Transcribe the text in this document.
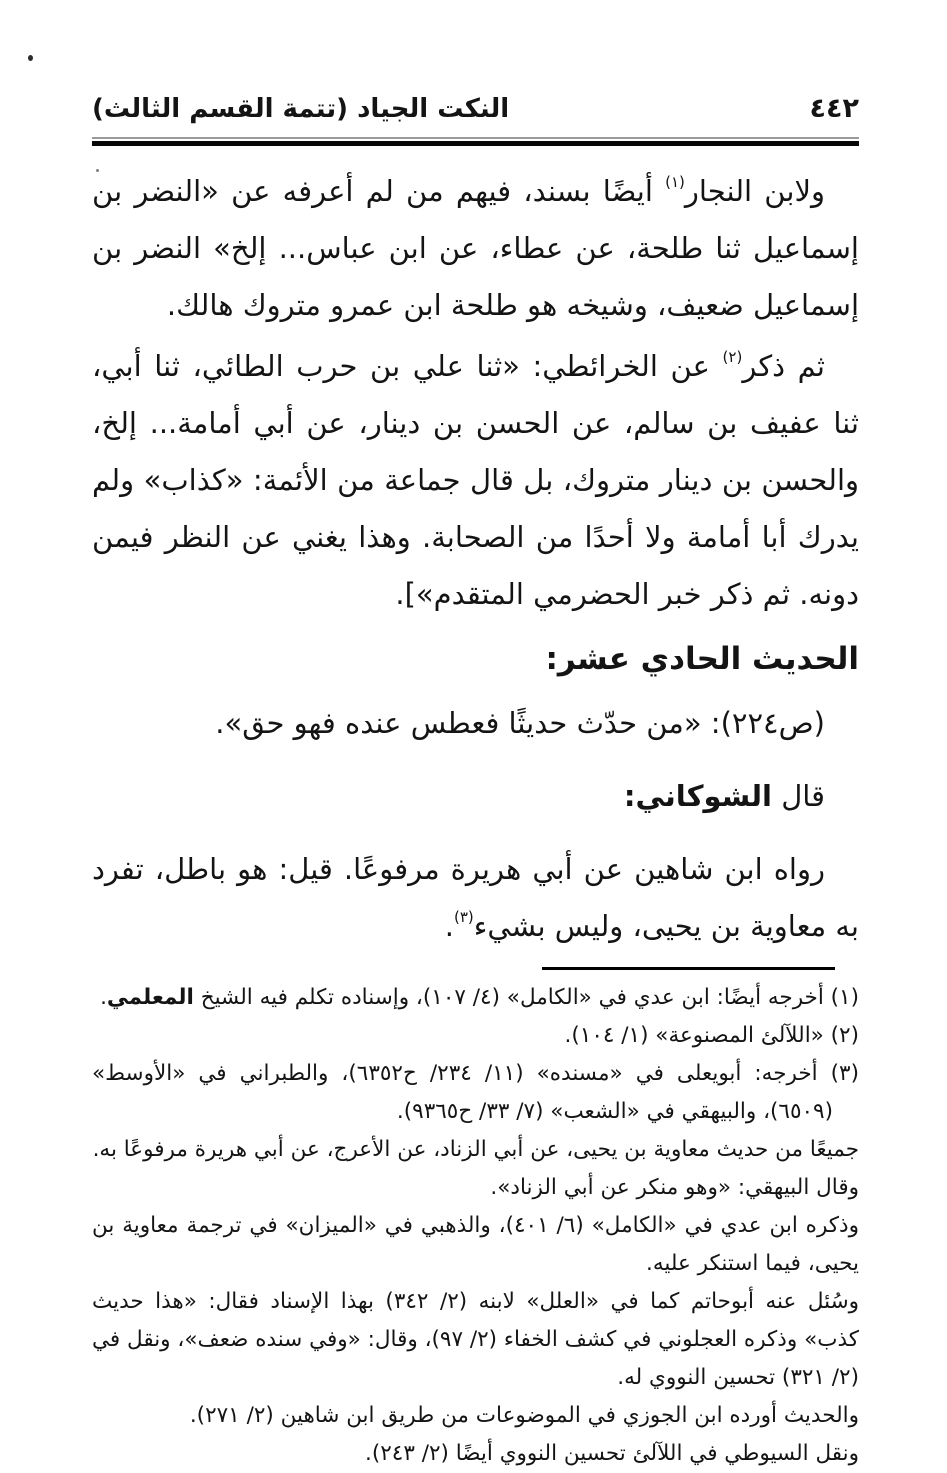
٤٤٢
النكت الجياد (تتمة القسم الثالث)

ولابن النجار$^{(١)}$ أيضًا بسند، فيهم من لم أعرفه عن «النضر بن إسماعيل ثنا طلحة، عن عطاء، عن ابن عباس... إلخ» النضر بن إسماعيل ضعيف، وشيخه هو طلحة ابن عمرو متروك هالك.

ثم ذكر$^{(٢)}$ عن الخرائطي: «ثنا علي بن حرب الطائي، ثنا أبي، ثنا عفيف بن سالم، عن الحسن بن دينار، عن أبي أمامة... إلخ، والحسن بن دينار متروك، بل قال جماعة من الأئمة: «كذاب» ولم يدرك أبا أمامة ولا أحدًا من الصحابة. وهذا يغني عن النظر فيمن دونه. ثم ذكر خبر الحضرمي المتقدم»].

الحديث الحادي عشر:

(ص٢٢٤): «من حدّث حديثًا فعطس عنده فهو حق».

قال الشوكاني:

رواه ابن شاهين عن أبي هريرة مرفوعًا. قيل: هو باطل، تفرد به معاوية بن يحيى، وليس بشيء$^{(٣)}$.

(١) أخرجه أيضًا: ابن عدي في «الكامل» (٤/ ١٠٧)، وإسناده تكلم فيه الشيخ المعلمي.

(٢) «اللآلئ المصنوعة» (١/ ١٠٤).

(٣) أخرجه: أبويعلى في «مسنده» (١١/ ٢٣٤/ ح٦٣٥٢)، والطبراني في «الأوسط» (٦٥٠٩)، والبيهقي في «الشعب» (٧/ ٣٣/ ح٩٣٦٥).

جميعًا من حديث معاوية بن يحيى، عن أبي الزناد، عن الأعرج، عن أبي هريرة مرفوعًا به.

وقال البيهقي: «وهو منكر عن أبي الزناد».

وذكره ابن عدي في «الكامل» (٦/ ٤٠١)، والذهبي في «الميزان» في ترجمة معاوية بن يحيى، فيما استنكر عليه.

وسُئل عنه أبوحاتم كما في «العلل» لابنه (٢/ ٣٤٢) بهذا الإسناد فقال: «هذا حديث كذب» وذكره العجلوني في كشف الخفاء (٢/ ٩٧)، وقال: «وفي سنده ضعف»، ونقل في (٢/ ٣٢١) تحسين النووي له.

والحديث أورده ابن الجوزي في الموضوعات من طريق ابن شاهين (٢/ ٢٧١).

ونقل السيوطي في اللآلئ تحسين النووي أيضًا (٢/ ٢٤٣).
